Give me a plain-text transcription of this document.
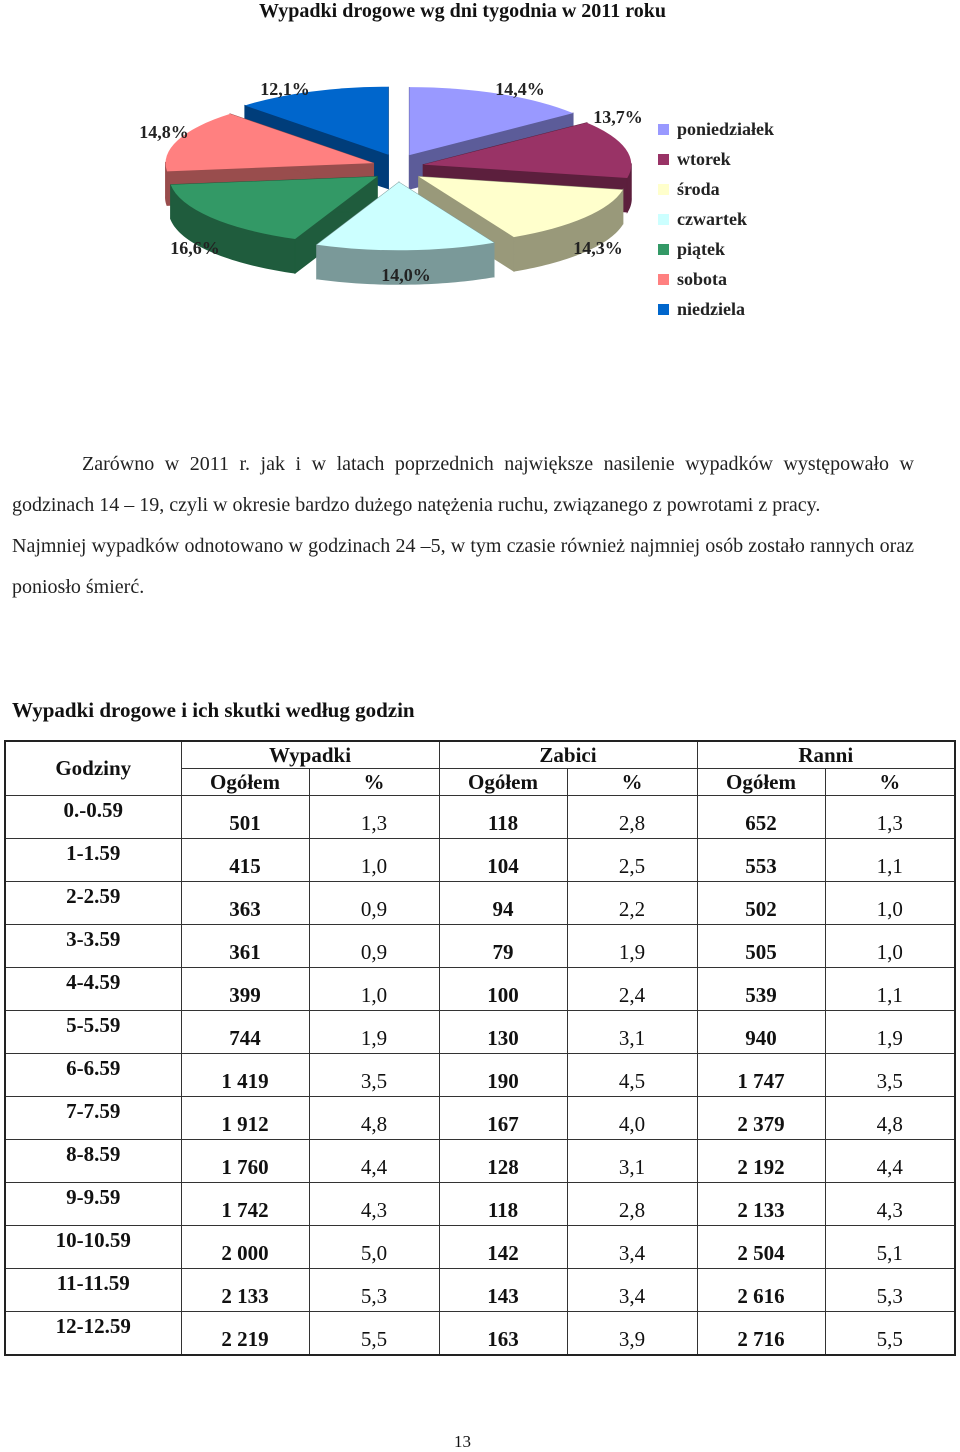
Wypadki drogowe wg dni tygodnia w 2011 roku
14,4%
13,7%
14,3%
14,0%
16,6%
14,8%
12,1%
poniedziałek
wtorek
środa
czwartek
piątek
sobota
niedziela

Zarówno w 2011 r. jak i w latach poprzednich największe nasilenie wypadków występowało w godzinach 14 – 19, czyli w okresie bardzo dużego natężenia ruchu, związanego z powrotami z pracy.

Najmniej wypadków odnotowano w godzinach 24 –5, w tym czasie również najmniej osób zostało rannych oraz poniosło śmierć.

Wypadki drogowe i ich skutki według godzin
Godziny	Wypadki		Zabici		Ranni	
	Ogółem	%	Ogółem	%	Ogółem	%
0.-0.59	501	1,3	118	2,8	652	1,3
1-1.59	415	1,0	104	2,5	553	1,1
2-2.59	363	0,9	94	2,2	502	1,0
3-3.59	361	0,9	79	1,9	505	1,0
4-4.59	399	1,0	100	2,4	539	1,1
5-5.59	744	1,9	130	3,1	940	1,9
6-6.59	1 419	3,5	190	4,5	1 747	3,5
7-7.59	1 912	4,8	167	4,0	2 379	4,8
8-8.59	1 760	4,4	128	3,1	2 192	4,4
9-9.59	1 742	4,3	118	2,8	2 133	4,3
10-10.59	2 000	5,0	142	3,4	2 504	5,1
11-11.59	2 133	5,3	143	3,4	2 616	5,3
12-12.59	2 219	5,5	163	3,9	2 716	5,5
13
